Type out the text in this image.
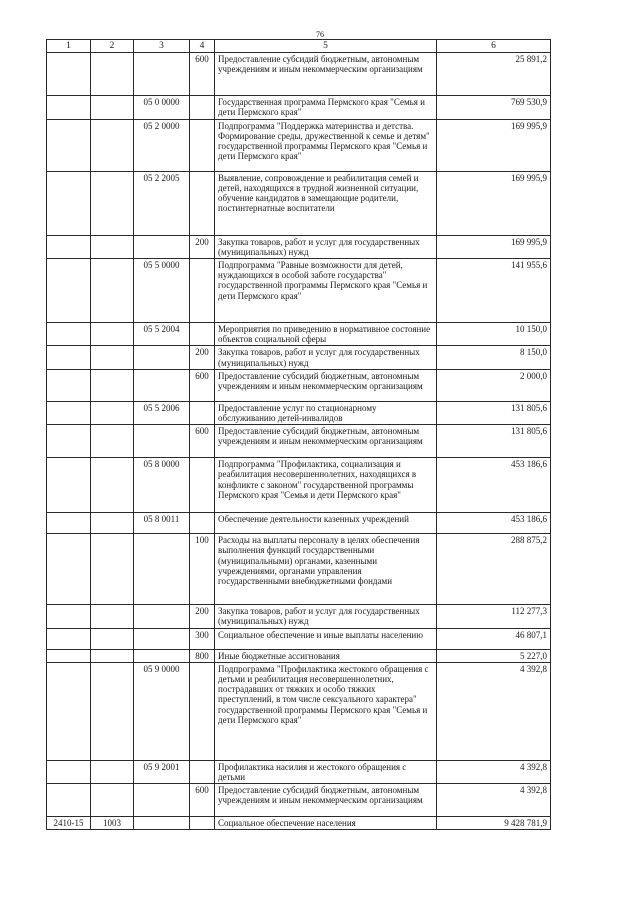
76
1	2	3	4	5	6
			600	Предоставление субсидий бюджетным, автономным учреждениям и иным некоммерческим организациям	25 891,2
		05 0 0000		Государственная программа Пермского края "Семья и дети Пермского края"	769 530,9
		05 2 0000		Подпрограмма "Поддержка материнства и детства. Формирование среды, дружественной к семье и детям" государственной программы Пермского края "Семья и дети Пермского края"	169 995,9
		05 2 2005		Выявление, сопровождение и реабилитация семей и детей, находящихся в трудной жизненной ситуации, обучение кандидатов в замещающие родители, постинтернатные воспитатели	169 995,9
			200	Закупка товаров, работ и услуг для государственных (муниципальных) нужд	169 995,9
		05 5 0000		Подпрограмма "Равные возможности для детей, нуждающихся в особой заботе государства" государственной программы Пермского края "Семья и дети Пермского края"	141 955,6
		05 5 2004		Мероприятия по приведению в нормативное состояние объектов социальной сферы	10 150,0
			200	Закупка товаров, работ и услуг для государственных (муниципальных) нужд	8 150,0
			600	Предоставление субсидий бюджетным, автономным учреждениям и иным некоммерческим организациям	2 000,0
		05 5 2006		Предоставление услуг по стационарному обслуживанию детей-инвалидов	131 805,6
			600	Предоставление субсидий бюджетным, автономным учреждениям и иным некоммерческим организациям	131 805,6
		05 8 0000		Подпрограмма "Профилактика, социализация и реабилитация несовершеннолетних, находящихся в конфликте с законом" государственной программы Пермского края "Семья и дети Пермского края"	453 186,6
		05 8 0011		Обеспечение деятельности казенных учреждений	453 186,6
			100	Расходы на выплаты персоналу в целях обеспечения выполнения функций государственными (муниципальными) органами, казенными учреждениями, органами управления государственными внебюджетными фондами	288 875,2
			200	Закупка товаров, работ и услуг для государственных (муниципальных) нужд	112 277,3
			300	Социальное обеспечение и иные выплаты населению	46 807,1
			800	Иные бюджетные ассигнования	5 227,0
		05 9 0000		Подпрограмма "Профилактика жестокого обращения с детьми и реабилитация несовершеннолетних, пострадавших от тяжких и особо тяжких преступлений, в том числе сексуального характера" государственной программы Пермского края "Семья и дети Пермского края"	4 392,8
		05 9 2001		Профилактика насилия и жестокого обращения с детьми	4 392,8
			600	Предоставление субсидий бюджетным, автономным учреждениям и иным некоммерческим организациям	4 392,8
2410-15	1003			Социальное обеспечение населения	9 428 781,9
